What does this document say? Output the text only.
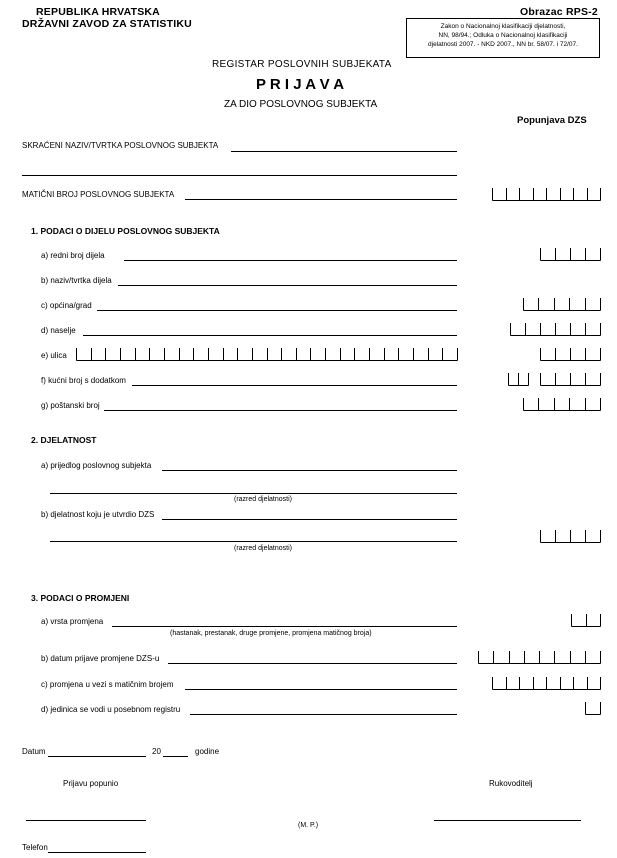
REPUBLIKA HRVATSKA
DRŽAVNI ZAVOD ZA STATISTIKU
Obrazac RPS-2
Zakon o Nacionalnoj klasifikaciji djelatnosti,
NN, 98/94.; Odluka o Nacionalnoj klasifikaciji
djelatnosti 2007. - NKD 2007., NN br. 58/07. i 72/07.
REGISTAR POSLOVNIH SUBJEKATA
P R I J A V A
ZA DIO POSLOVNOG SUBJEKTA
Popunjava DZS
SKRAĆENI NAZIV/TVRTKA POSLOVNOG SUBJEKTA
MATIČNI BROJ POSLOVNOG SUBJEKTA
1. PODACI O DIJELU POSLOVNOG SUBJEKTA
a) redni broj dijela
b) naziv/tvrtka dijela
c) općina/grad
d) naselje
e) ulica
f) kućni broj s dodatkom
g) poštanski broj
2. DJELATNOST
a) prijedlog poslovnog subjekta
(razred djelatnosti)
b) djelatnost koju je utvrdio DZS
(razred djelatnosti)
3. PODACI O PROMJENI
a) vrsta promjena
(hastanak, prestanak, druge promjene, promjena matičnog broja)
b) datum prijave promjene DZS-u
c) promjena u vezi s matičnim brojem
d) jedinica se vodi u posebnom registru
Datum	20	godine
Prijavu popunio	Rukovoditelj
(M. P.)
Telefon
